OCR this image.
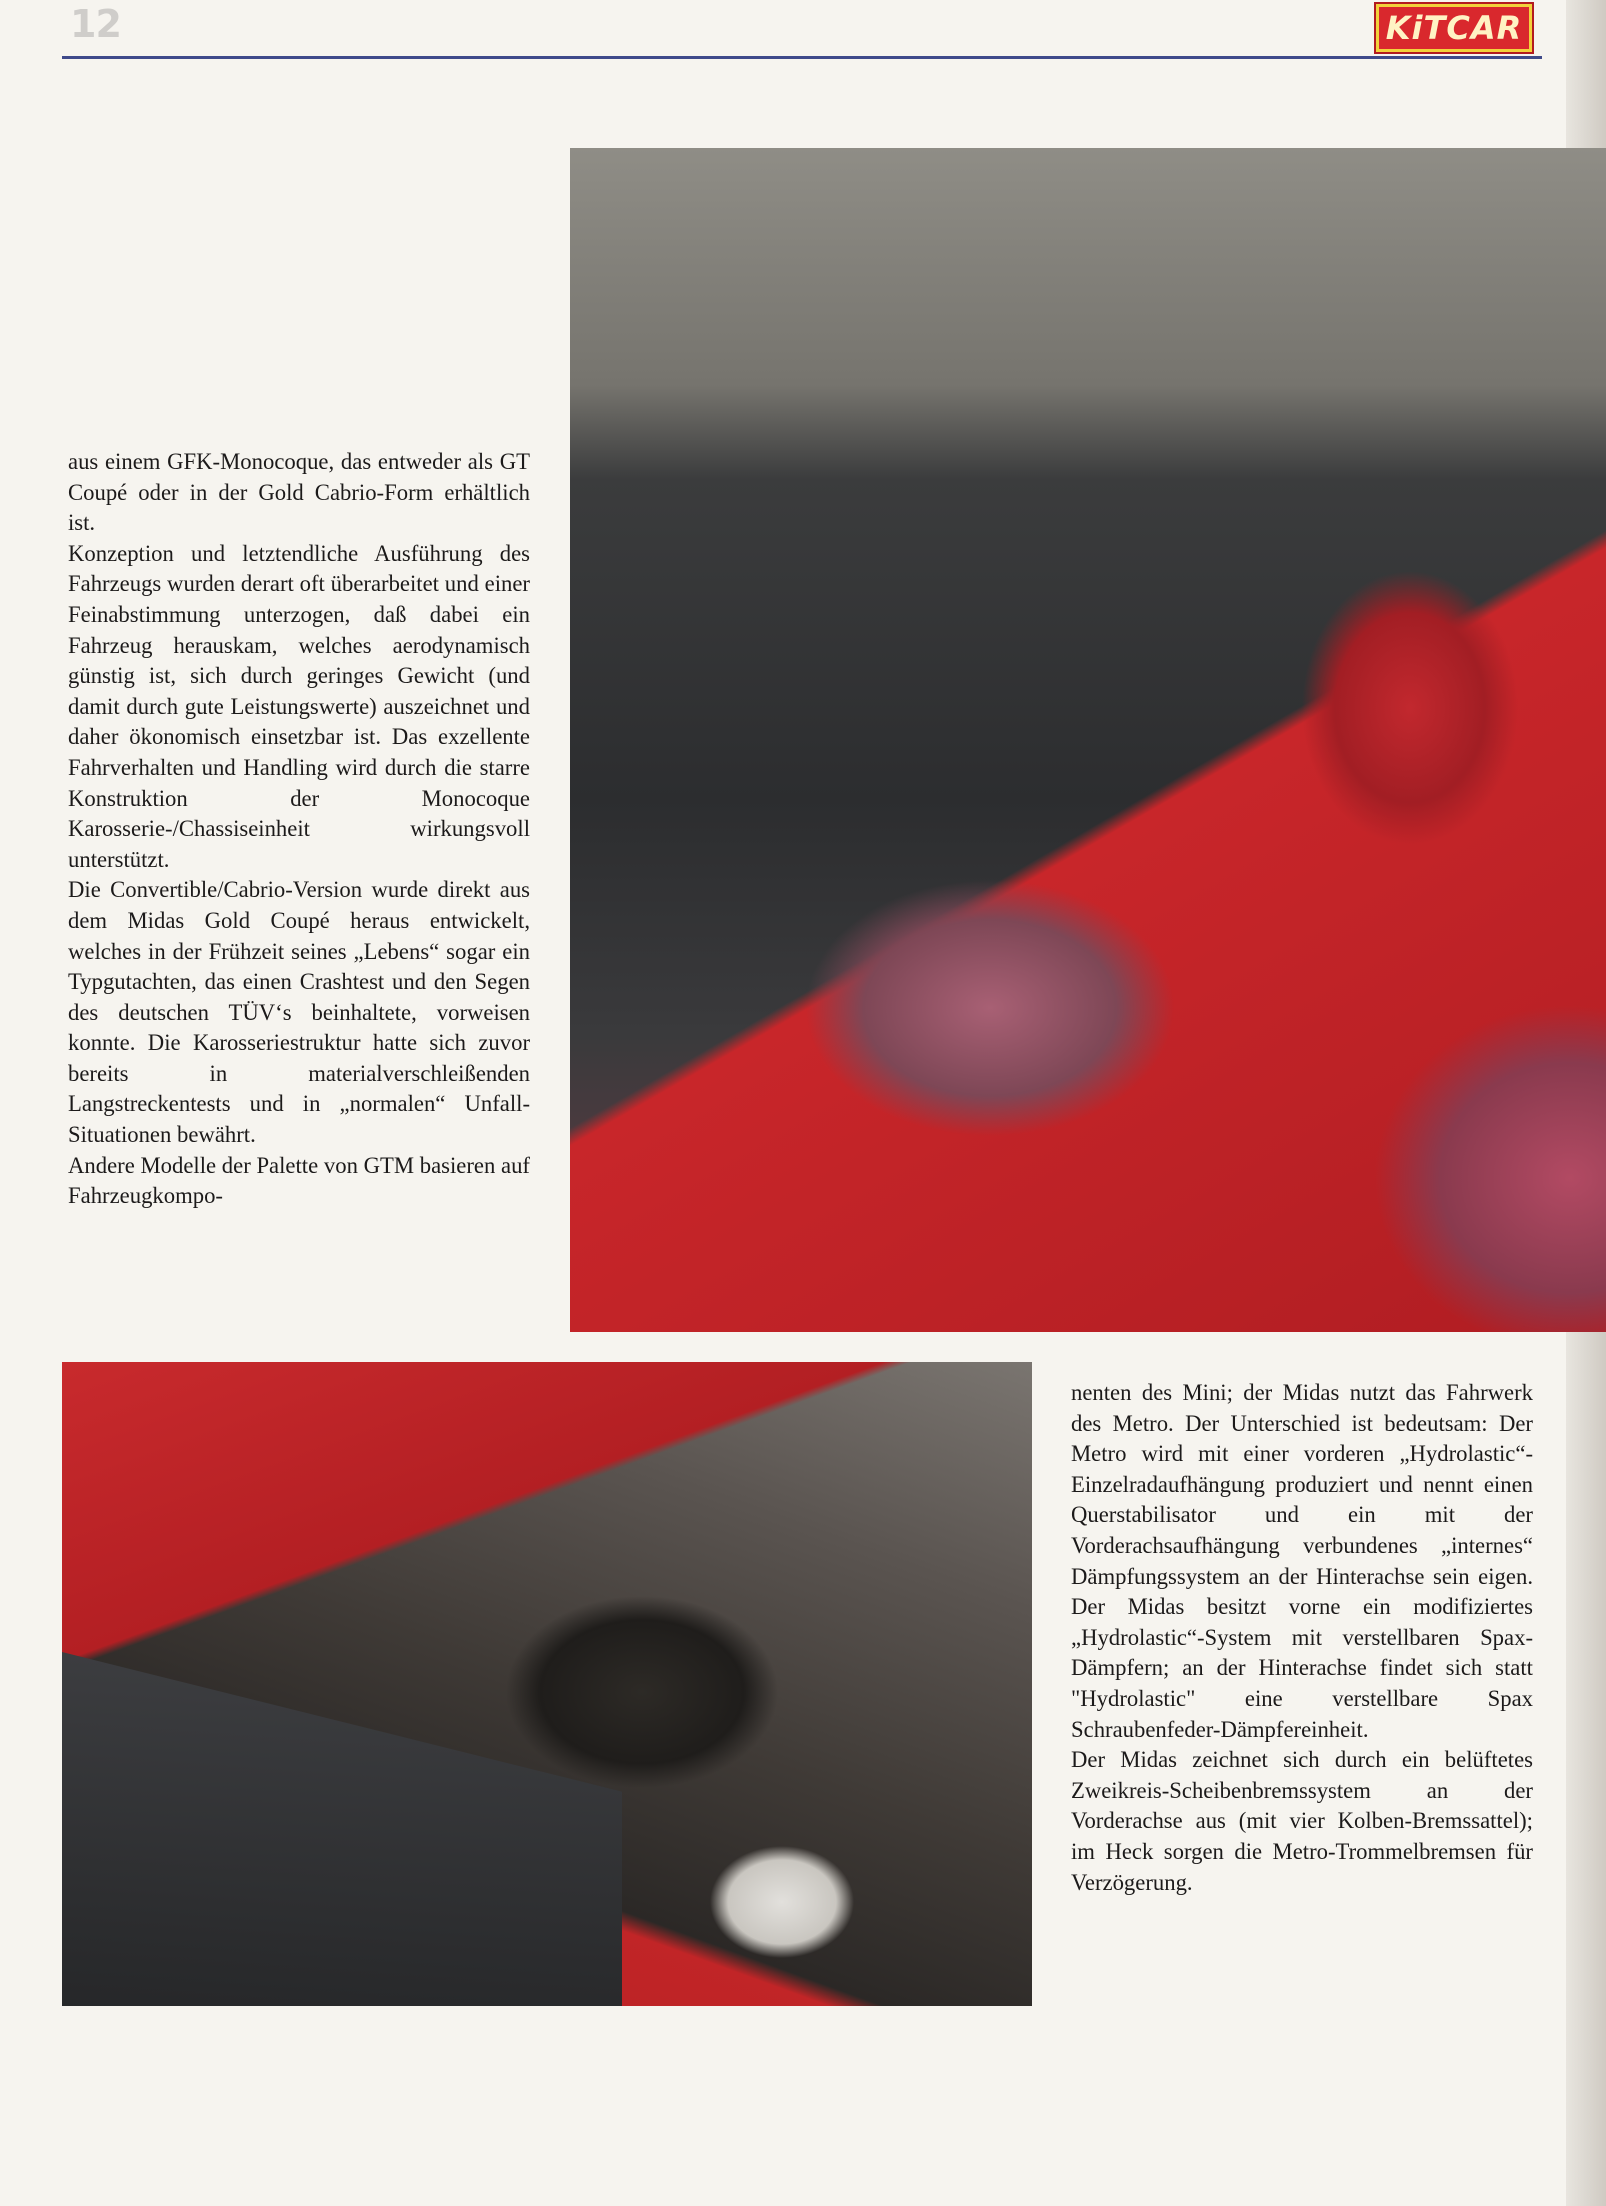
12	KiTCAR

aus einem GFK-Monocoque, das entweder als GT Coupé oder in der Gold Cabrio-Form erhältlich ist.

Konzeption und letztendliche Ausführung des Fahrzeugs wurden derart oft überarbeitet und einer Feinabstimmung unterzogen, daß dabei ein Fahrzeug herauskam, welches aerodynamisch günstig ist, sich durch geringes Gewicht (und damit durch gute Leistungswerte) auszeichnet und daher ökonomisch einsetzbar ist. Das exzellente Fahrverhalten und Handling wird durch die starre Konstruktion der Monocoque Karosserie-/Chassiseinheit wirkungsvoll unterstützt.

Die Convertible/Cabrio-Version wurde direkt aus dem Midas Gold Coupé heraus entwickelt, welches in der Frühzeit seines „Lebens“ sogar ein Typgutachten, das einen Crashtest und den Segen des deutschen TÜV‘s beinhaltete, vorweisen konnte. Die Karosseriestruktur hatte sich zuvor bereits in materialverschleißenden Langstreckentests und in „normalen“ Unfall-Situationen bewährt.

Andere Modelle der Palette von GTM basieren auf Fahrzeugkompo-

nenten des Mini; der Midas nutzt das Fahrwerk des Metro. Der Unterschied ist bedeutsam: Der Metro wird mit einer vorderen „Hydrolastic“-Einzelradaufhängung produziert und nennt einen Querstabilisator und ein mit der Vorderachsaufhängung verbundenes „internes“ Dämpfungssystem an der Hinterachse sein eigen. Der Midas besitzt vorne ein modifiziertes „Hydrolastic“-System mit verstellbaren Spax-Dämpfern; an der Hinterachse findet sich statt "Hydrolastic" eine verstellbare Spax Schraubenfeder-Dämpfereinheit.

Der Midas zeichnet sich durch ein belüftetes Zweikreis-Scheibenbremssystem an der Vorderachse aus (mit vier Kolben-Bremssattel); im Heck sorgen die Metro-Trommelbremsen für Verzögerung.
